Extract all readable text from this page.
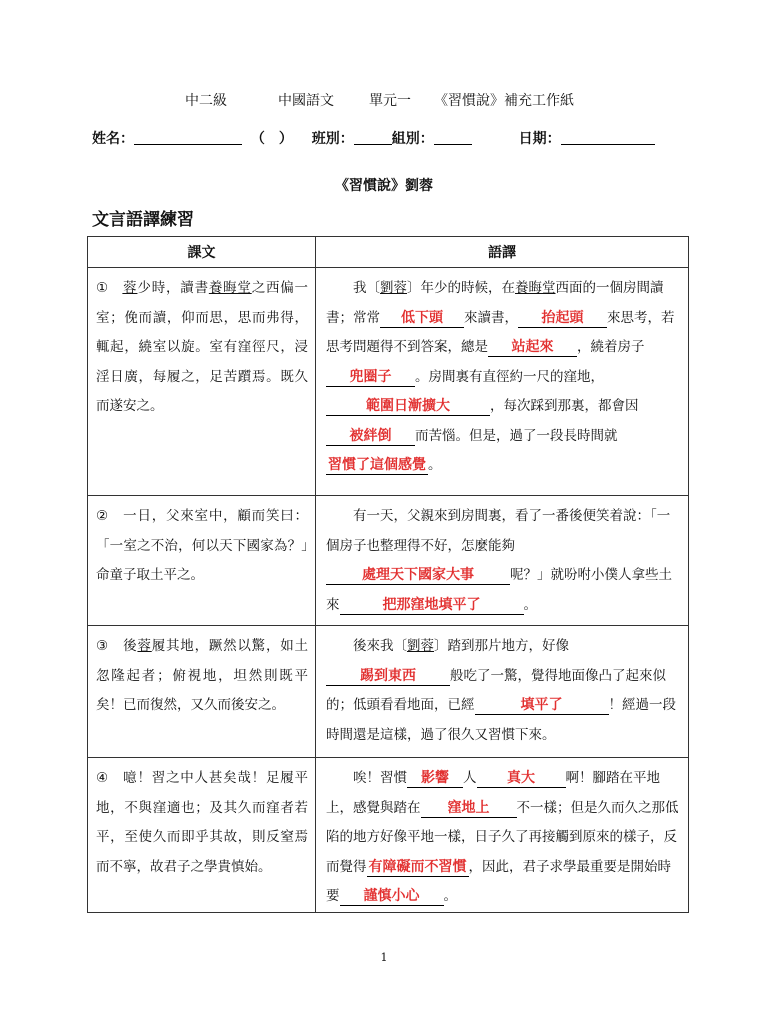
中二級	中國語文	單元一 《習慣說》補充工作紙
姓名：	（　） 班別：	組別：	日期：
《習慣說》劉蓉
文言語譯練習
課文	語譯

①  蓉少時，讀書養晦堂之西偏一室；俛而讀，仰而思，思而弗得，輒起，繞室以旋。室有窪徑尺，浸淫日廣，每履之，足苦躓焉。既久而遂安之。

  我〔劉蓉〕年少的時候，在養晦堂西面的一個房間讀書；常常 低下頭 來讀書， 抬起頭 來思考，若思考問題得不到答案，總是 站起來 ，繞着房子兜圈子 。房間裏有直徑約一尺的窪地，範圍日漸擴大 ，每次踩到那裏，都會因被絆倒 而苦惱。但是，過了一段長時間就習慣了這個感覺 。

②  一日，父來室中，顧而笑曰：「一室之不治，何以天下國家為？」命童子取土平之。

  有一天，父親來到房間裏，看了一番後便笑着說：「一個房子也整理得不好，怎麼能夠處理天下國家大事 呢？」就吩咐小僕人拿些土來 把那窪地填平了 。

③  後蓉履其地，蹶然以驚，如土忽隆起者；俯視地，坦然則既平矣！已而復然，又久而後安之。

  後來我〔劉蓉〕踏到那片地方，好像踢到東西 般吃了一驚，覺得地面像凸了起來似的；低頭看看地面，已經 填平了 ！經過一段時間還是這樣，過了很久又習慣下來。

④  噫！習之中人甚矣哉！足履平地，不與窪適也；及其久而窪者若平，至使久而即乎其故，則反窒焉而不寧，故君子之學貴慎始。

  唉！習慣 影響 人 真大 啊！腳踏在平地上，感覺與踏在 窪地上 不一樣；但是久而久之那低陷的地方好像平地一樣，日子久了再接觸到原來的樣子，反而覺得 有障礙而不習慣 ，因此，君子求學最重要是開始時要 謹慎小心 。
1
